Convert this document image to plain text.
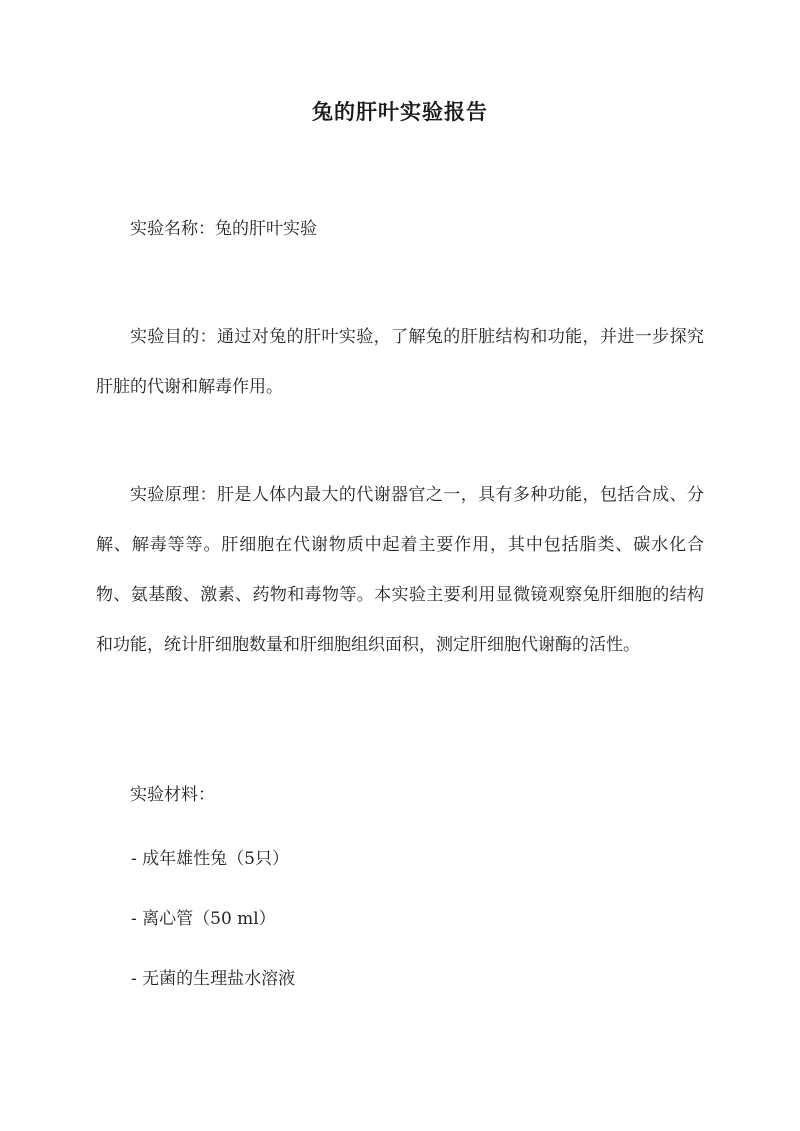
兔的肝叶实验报告

实验名称：兔的肝叶实验

实验目的：通过对兔的肝叶实验，了解兔的肝脏结构和功能，并进一步探究肝脏的代谢和解毒作用。

实验原理：肝是人体内最大的代谢器官之一，具有多种功能，包括合成、分解、解毒等等。肝细胞在代谢物质中起着主要作用，其中包括脂类、碳水化合物、氨基酸、激素、药物和毒物等。本实验主要利用显微镜观察兔肝细胞的结构和功能，统计肝细胞数量和肝细胞组织面积，测定肝细胞代谢酶的活性。

实验材料：

- 成年雄性兔（5只）

- 离心管（50 ml）

- 无菌的生理盐水溶液
